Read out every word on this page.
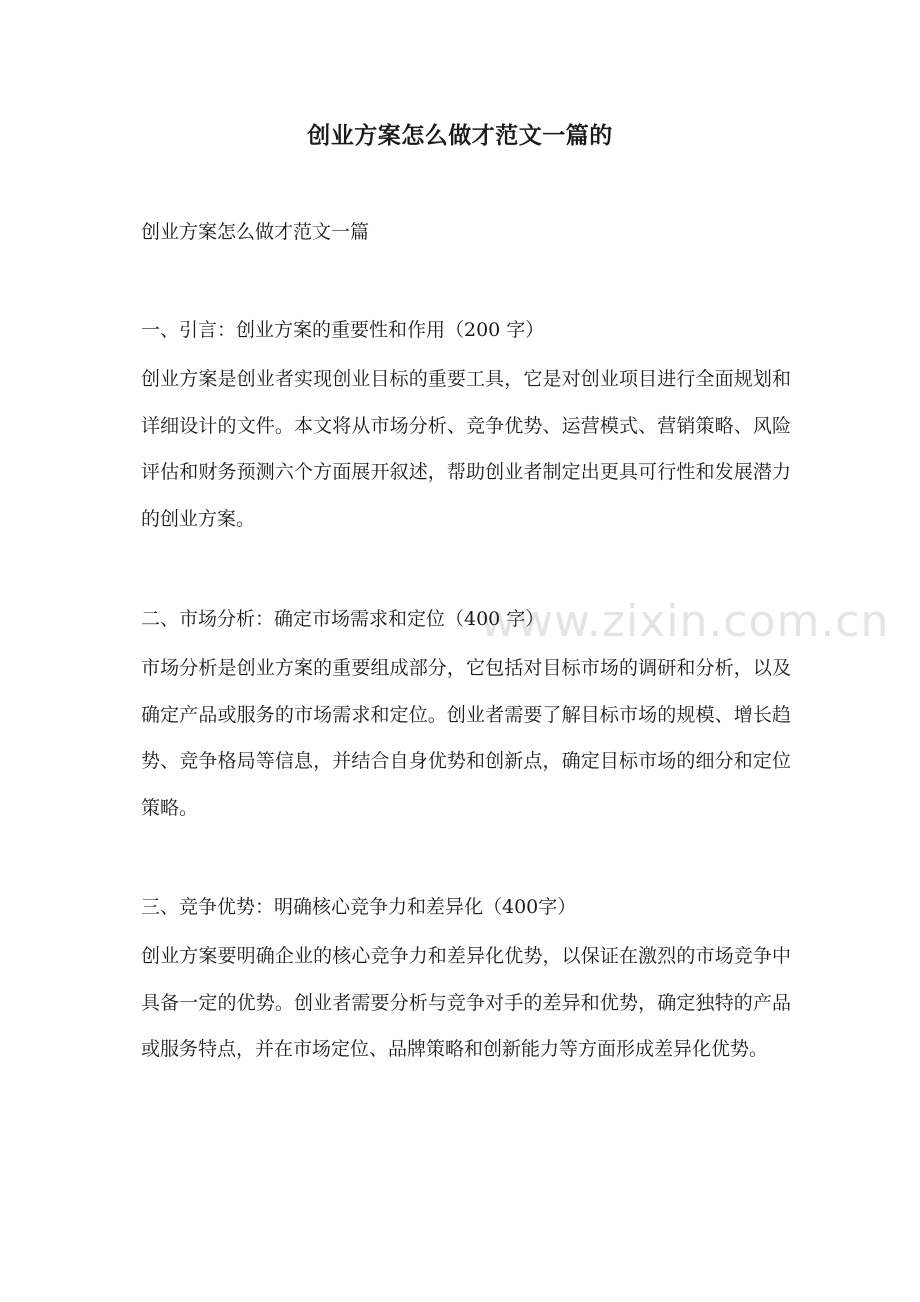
www.zixin.com.cn
创业方案怎么做才范文一篇的
创业方案怎么做才范文一篇
一、引言：创业方案的重要性和作用（200 字）

创业方案是创业者实现创业目标的重要工具，它是对创业项目进行全面规划和详细设计的文件。本文将从市场分析、竞争优势、运营模式、营销策略、风险评估和财务预测六个方面展开叙述，帮助创业者制定出更具可行性和发展潜力的创业方案。

二、市场分析：确定市场需求和定位（400 字）

市场分析是创业方案的重要组成部分，它包括对目标市场的调研和分析，以及确定产品或服务的市场需求和定位。创业者需要了解目标市场的规模、增长趋势、竞争格局等信息，并结合自身优势和创新点，确定目标市场的细分和定位策略。

三、竞争优势：明确核心竞争力和差异化（400字）

创业方案要明确企业的核心竞争力和差异化优势，以保证在激烈的市场竞争中具备一定的优势。创业者需要分析与竞争对手的差异和优势，确定独特的产品或服务特点，并在市场定位、品牌策略和创新能力等方面形成差异化优势。
